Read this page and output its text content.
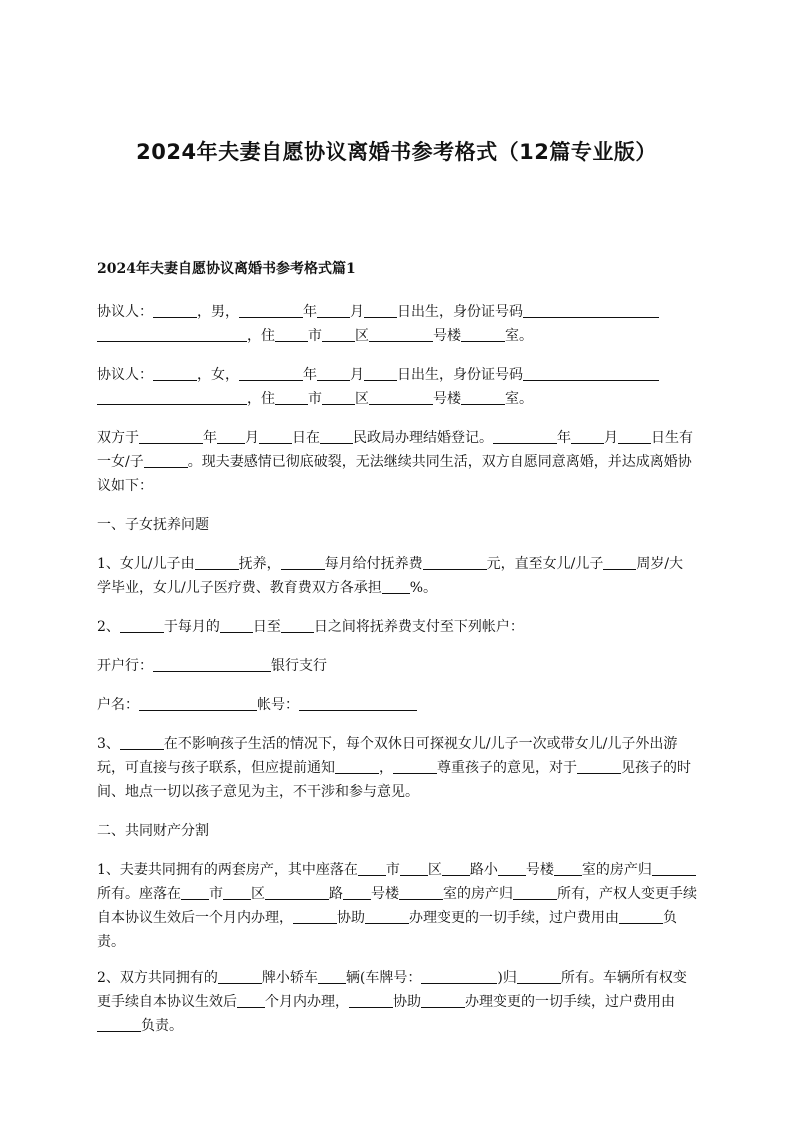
2024年夫妻自愿协议离婚书参考格式（12篇专业版）
2024年夫妻自愿协议离婚书参考格式篇1

协议人：	，男，	年 月 日出生，身份证号码，住 市 区	号楼	室。

协议人：	，女，	年 月 日出生，身份证号码，住 市 区	号楼	室。

双方于	年 月 日在 民政局办理结婚登记。	年 月 日生有一女/子	。现夫妻感情已彻底破裂，无法继续共同生活，双方自愿同意离婚，并达成离婚协议如下：

一、子女抚养问题

1、女儿/儿子由	抚养，	每月给付抚养费	元，直至女儿/儿子 周岁/大学毕业，女儿/儿子医疗费、教育费双方各承担 %。

2、	于每月的 日至 日之间将抚养费支付至下列帐户：

开户行：	银行支行

户名：	帐号：

3、	在不影响孩子生活的情况下，每个双休日可探视女儿/儿子一次或带女儿/儿子外出游玩，可直接与孩子联系，但应提前通知	，	尊重孩子的意见，对于	见孩子的时间、地点一切以孩子意见为主，不干涉和参与意见。

二、共同财产分割

1、夫妻共同拥有的两套房产，其中座落在 市 区 路小 号楼 室的房产归所有。座落在 市 区	路 号楼	室的房产归	所有，产权人变更手续自本协议生效后一个月内办理，	协助	办理变更的一切手续，过户费用由	负责。

2、双方共同拥有的	牌小轿车 辆(车牌号：	)归	所有。车辆所有权变更手续自本协议生效后 个月内办理，	协助	办理变更的一切手续，过户费用由负责。
